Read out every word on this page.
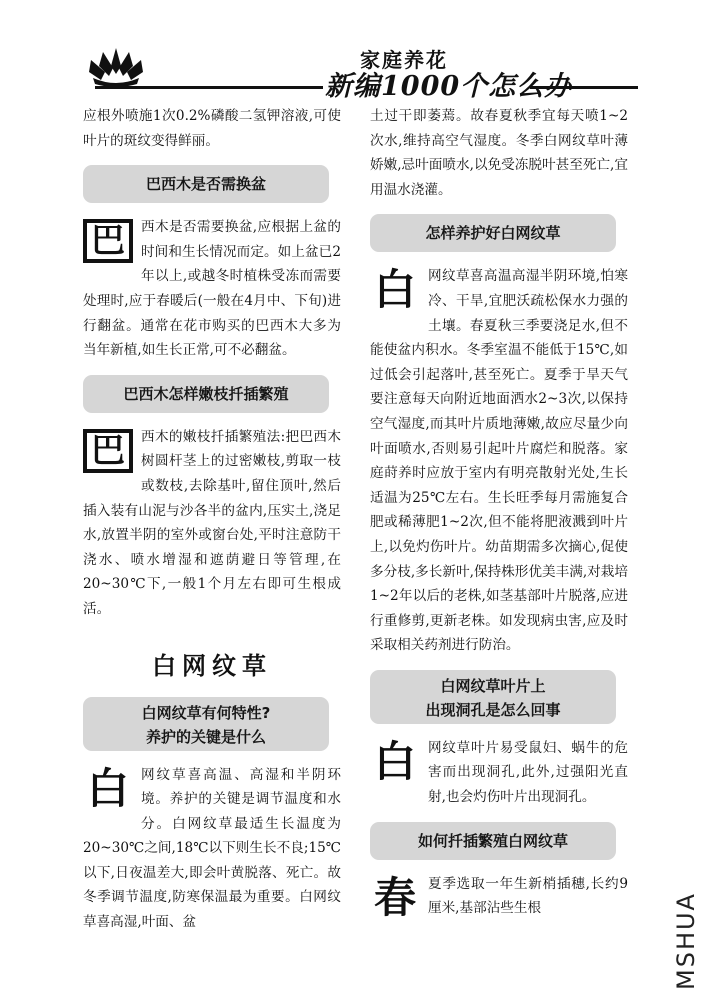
家庭养花
新编1000个怎么办

应根外喷施1次0.2%磷酸二氢钾溶液,可使叶片的斑纹变得鲜丽。

巴西木是否需换盆

巴	西木是否需要换盆,应根据上盆的时间和生长情况而定。如上盆已2年以上,或越冬时植株受冻而需要处理时,应于春暖后(一般在4月中、下旬)进行翻盆。通常在花市购买的巴西木大多为当年新植,如生长正常,可不必翻盆。

巴西木怎样嫩枝扦插繁殖

巴	西木的嫩枝扦插繁殖法:把巴西木树圆杆茎上的过密嫩枝,剪取一枝或数枝,去除基叶,留住顶叶,然后插入装有山泥与沙各半的盆内,压实土,浇足水,放置半阴的室外或窗台处,平时注意防干浇水、喷水增湿和遮荫避日等管理,在20~30℃下,一般1个月左右即可生根成活。

白网纹草
白网纹草有何特性?
养护的关键是什么

白 网纹草喜高温、高湿和半阴环境。养护的关键是调节温度和水分。白网纹草最适生长温度为20~30℃之间,18℃以下则生长不良;15℃以下,日夜温差大,即会叶黄脱落、死亡。故冬季调节温度,防寒保温最为重要。白网纹草喜高湿,叶面、盆

土过干即萎蔫。故春夏秋季宜每天喷1~2次水,维持高空气湿度。冬季白网纹草叶薄娇嫩,忌叶面喷水,以免受冻脱叶甚至死亡,宜用温水浇灌。

怎样养护好白网纹草

白 网纹草喜高温高湿半阴环境,怕寒冷、干旱,宜肥沃疏松保水力强的土壤。春夏秋三季要浇足水,但不能使盆内积水。冬季室温不能低于15℃,如过低会引起落叶,甚至死亡。夏季于旱天气要注意每天向附近地面洒水2~3次,以保持空气湿度,而其叶片质地薄嫩,故应尽量少向叶面喷水,否则易引起叶片腐烂和脱落。家庭莳养时应放于室内有明亮散射光处,生长适温为25℃左右。生长旺季每月需施复合肥或稀薄肥1~2次,但不能将肥液溅到叶片上,以免灼伤叶片。幼苗期需多次摘心,促使多分枝,多长新叶,保持株形优美丰满,对栽培1~2年以后的老株,如茎基部叶片脱落,应进行重修剪,更新老株。如发现病虫害,应及时采取相关药剂进行防治。

白网纹草叶片上
出现洞孔是怎么回事

白 网纹草叶片易受鼠妇、蜗牛的危害而出现洞孔,此外,过强阳光直射,也会灼伤叶片出现洞孔。

如何扦插繁殖白网纹草

春 夏季选取一年生新梢插穗,长约9厘米,基部沾些生根	MSHUA
